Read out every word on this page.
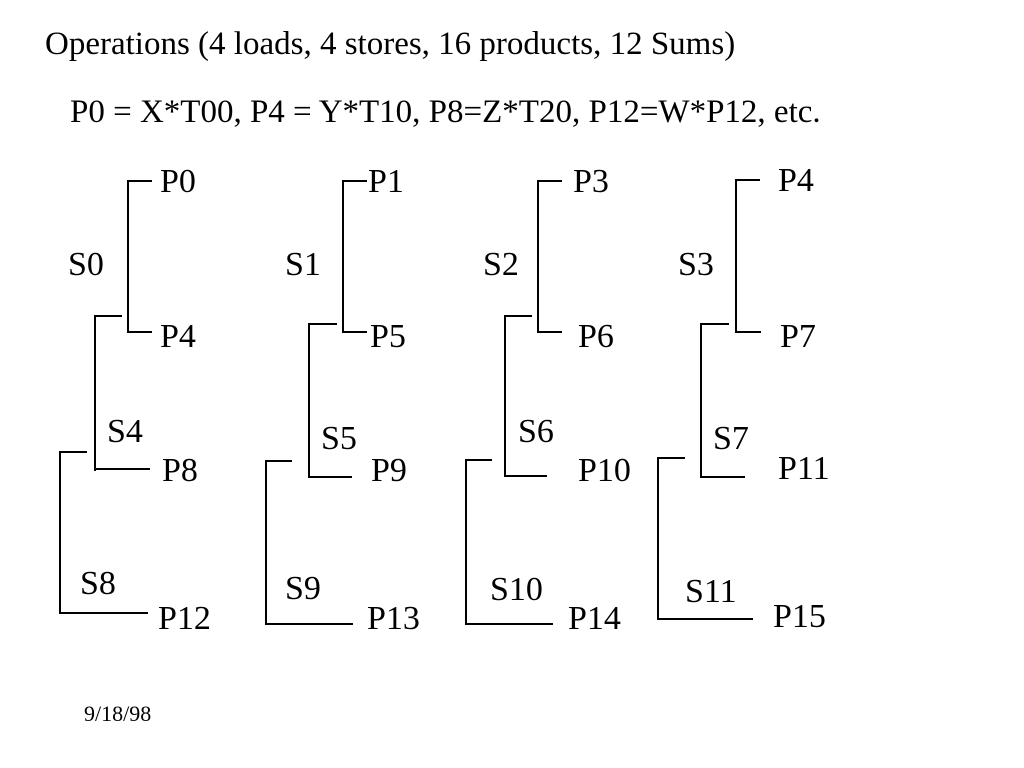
Operations (4 loads, 4 stores, 16 products, 12 Sums)
P0 = X*T00, P4 = Y*T10, P8=Z*T20, P12=W*P12, etc.
P0
S0
P4
S4
P8
S8
P12
P1
S1
P5
S5
P9
S9
P13
P3
S2
P6
S6
P10
S10
P14
P4
S3
P7
S7
P11
S11
P15
9/18/98
